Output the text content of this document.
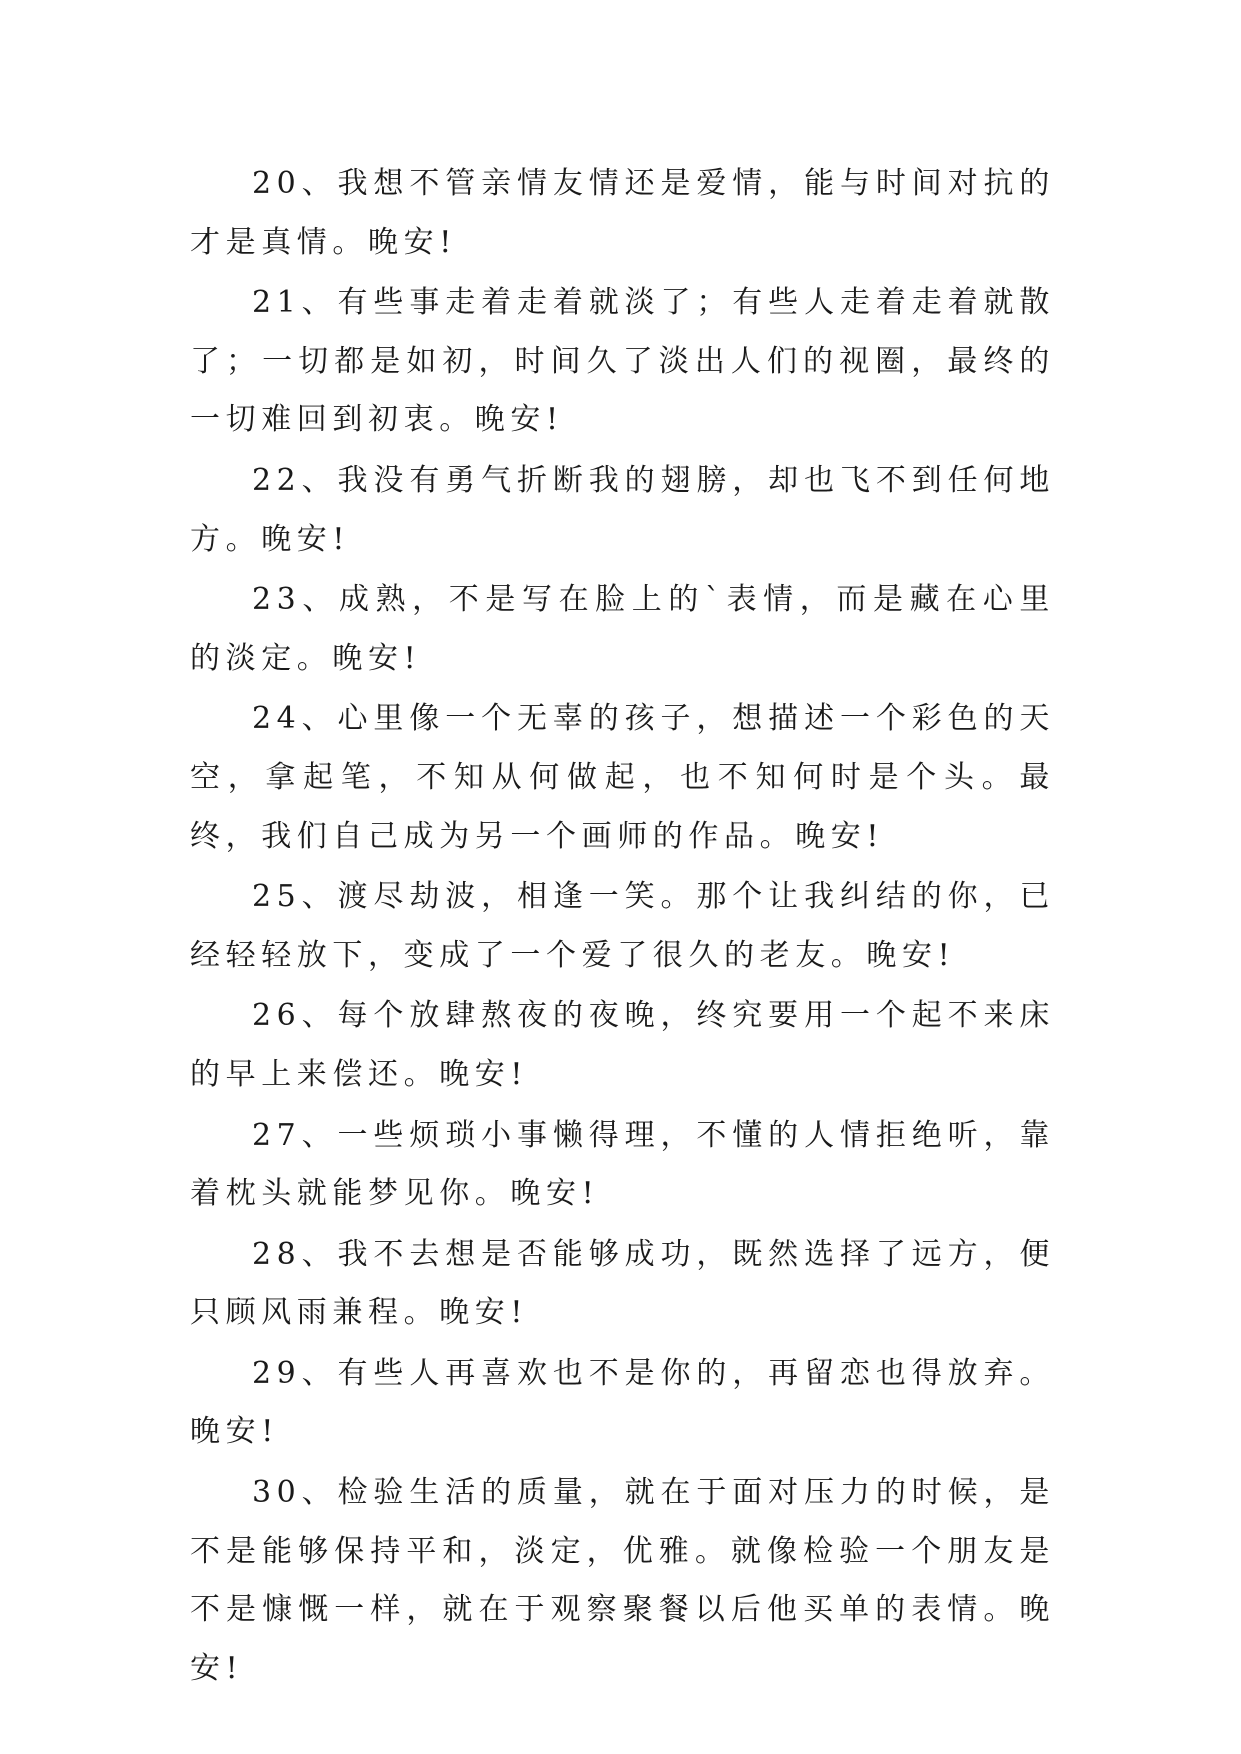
20、我想不管亲情友情还是爱情，能与时间对抗的才是真情。晚安!

21、有些事走着走着就淡了；有些人走着走着就散了；一切都是如初，时间久了淡出人们的视圈，最终的一切难回到初衷。晚安!

22、我没有勇气折断我的翅膀，却也飞不到任何地方。晚安!

23、成熟，不是写在脸上的`表情，而是藏在心里的淡定。晚安!

24、心里像一个无辜的孩子，想描述一个彩色的天空，拿起笔，不知从何做起，也不知何时是个头。最终，我们自己成为另一个画师的作品。晚安!

25、渡尽劫波，相逢一笑。那个让我纠结的你，已经轻轻放下，变成了一个爱了很久的老友。晚安!

26、每个放肆熬夜的夜晚，终究要用一个起不来床的早上来偿还。晚安!

27、一些烦琐小事懒得理，不懂的人情拒绝听，靠着枕头就能梦见你。晚安!

28、我不去想是否能够成功，既然选择了远方，便只顾风雨兼程。晚安!

29、有些人再喜欢也不是你的，再留恋也得放弃。晚安!

30、检验生活的质量，就在于面对压力的时候，是不是能够保持平和，淡定，优雅。就像检验一个朋友是不是慷慨一样，就在于观察聚餐以后他买单的表情。晚安!
